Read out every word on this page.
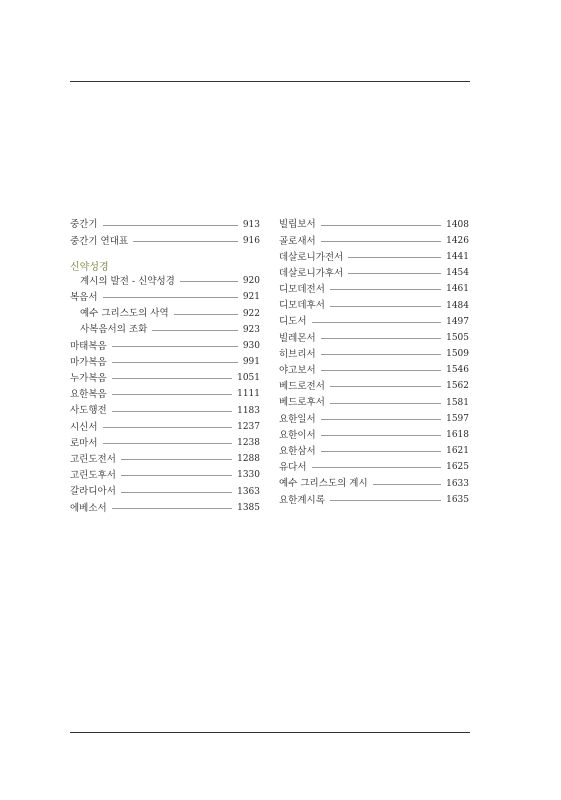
중간기	913
중간기 연대표	916
신약성경
계시의 발전 - 신약성경	920
복음서	921
예수 그리스도의 사역	922
사복음서의 조화	923
마태복음	930
마가복음	991
누가복음	1051
요한복음	1111
사도행전	1183
시신서	1237
로마서	1238
고린도전서	1288
고린도후서	1330
갈라디아서	1363
에베소서	1385
빌립보서	1408
골로새서	1426
데살로니가전서	1441
데살로니가후서	1454
디모데전서	1461
디모데후서	1484
디도서	1497
빌레몬서	1505
히브리서	1509
야고보서	1546
베드로전서	1562
베드로후서	1581
요한일서	1597
요한이서	1618
요한삼서	1621
유다서	1625
예수 그리스도의 계시	1633
요한계시록	1635
